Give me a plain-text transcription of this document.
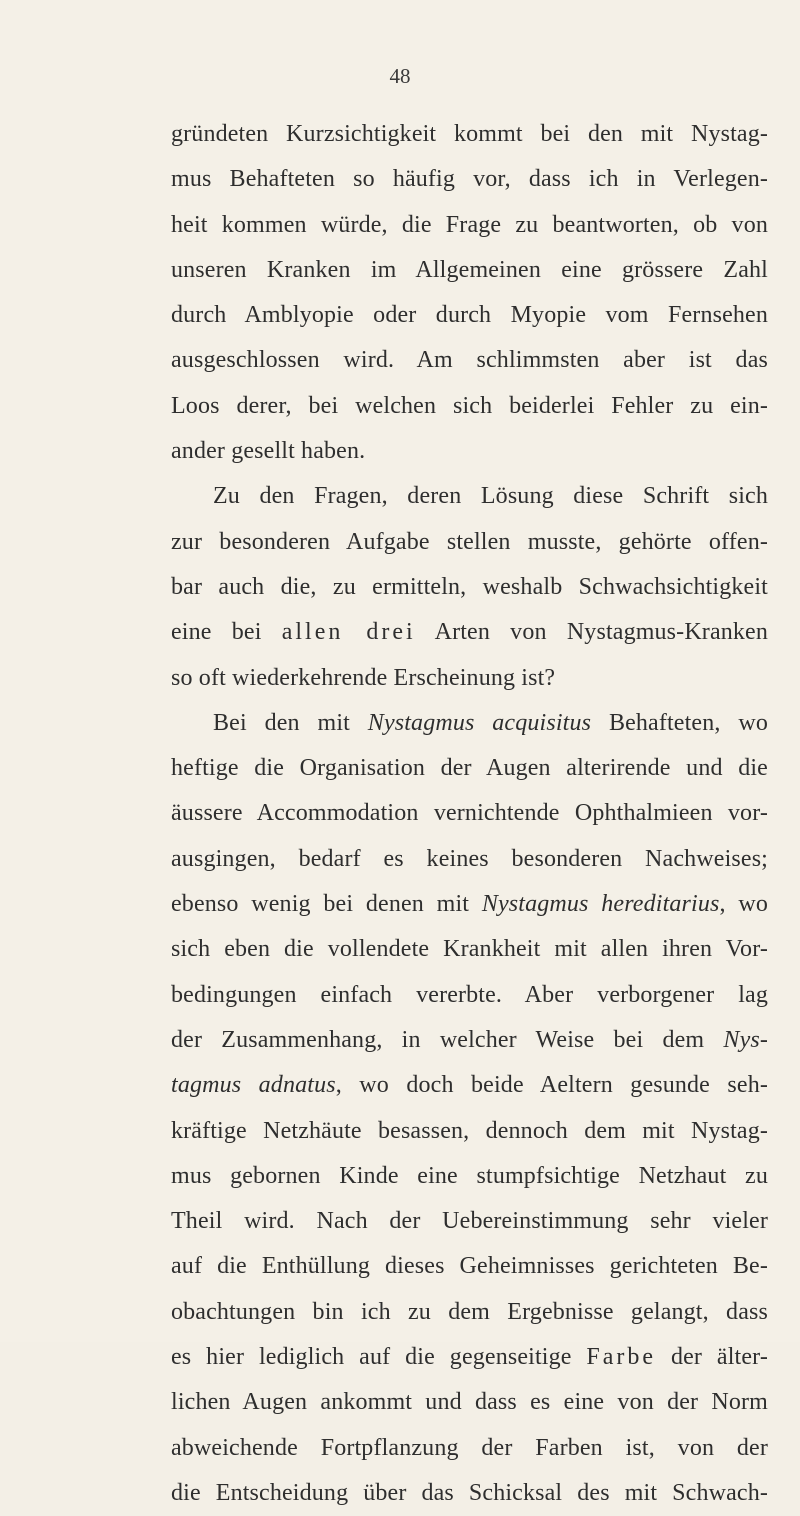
48
gründeten Kurzsichtigkeit kommt bei den mit Nystag-
mus Behafteten so häufig vor, dass ich in Verlegen-
heit kommen würde, die Frage zu beantworten, ob von
unseren Kranken im Allgemeinen eine grössere Zahl
durch Amblyopie oder durch Myopie vom Fernsehen
ausgeschlossen wird. Am schlimmsten aber ist das
Loos derer, bei welchen sich beiderlei Fehler zu ein-
ander gesellt haben.
Zu den Fragen, deren Lösung diese Schrift sich
zur besonderen Aufgabe stellen musste, gehörte offen-
bar auch die, zu ermitteln, weshalb Schwachsichtigkeit
eine bei allen drei Arten von Nystagmus-Kranken
so oft wiederkehrende Erscheinung ist?
Bei den mit Nystagmus acquisitus Behafteten, wo
heftige die Organisation der Augen alterirende und die
äussere Accommodation vernichtende Ophthalmieen vor-
ausgingen, bedarf es keines besonderen Nachweises;
ebenso wenig bei denen mit Nystagmus hereditarius, wo
sich eben die vollendete Krankheit mit allen ihren Vor-
bedingungen einfach vererbte. Aber verborgener lag
der Zusammenhang, in welcher Weise bei dem Nys-
tagmus adnatus, wo doch beide Aeltern gesunde seh-
kräftige Netzhäute besassen, dennoch dem mit Nystag-
mus gebornen Kinde eine stumpfsichtige Netzhaut zu
Theil wird. Nach der Uebereinstimmung sehr vieler
auf die Enthüllung dieses Geheimnisses gerichteten Be-
obachtungen bin ich zu dem Ergebnisse gelangt, dass
es hier lediglich auf die gegenseitige Farbe der älter-
lichen Augen ankommt und dass es eine von der Norm
abweichende Fortpflanzung der Farben ist, von der
die Entscheidung über das Schicksal des mit Schwach-
